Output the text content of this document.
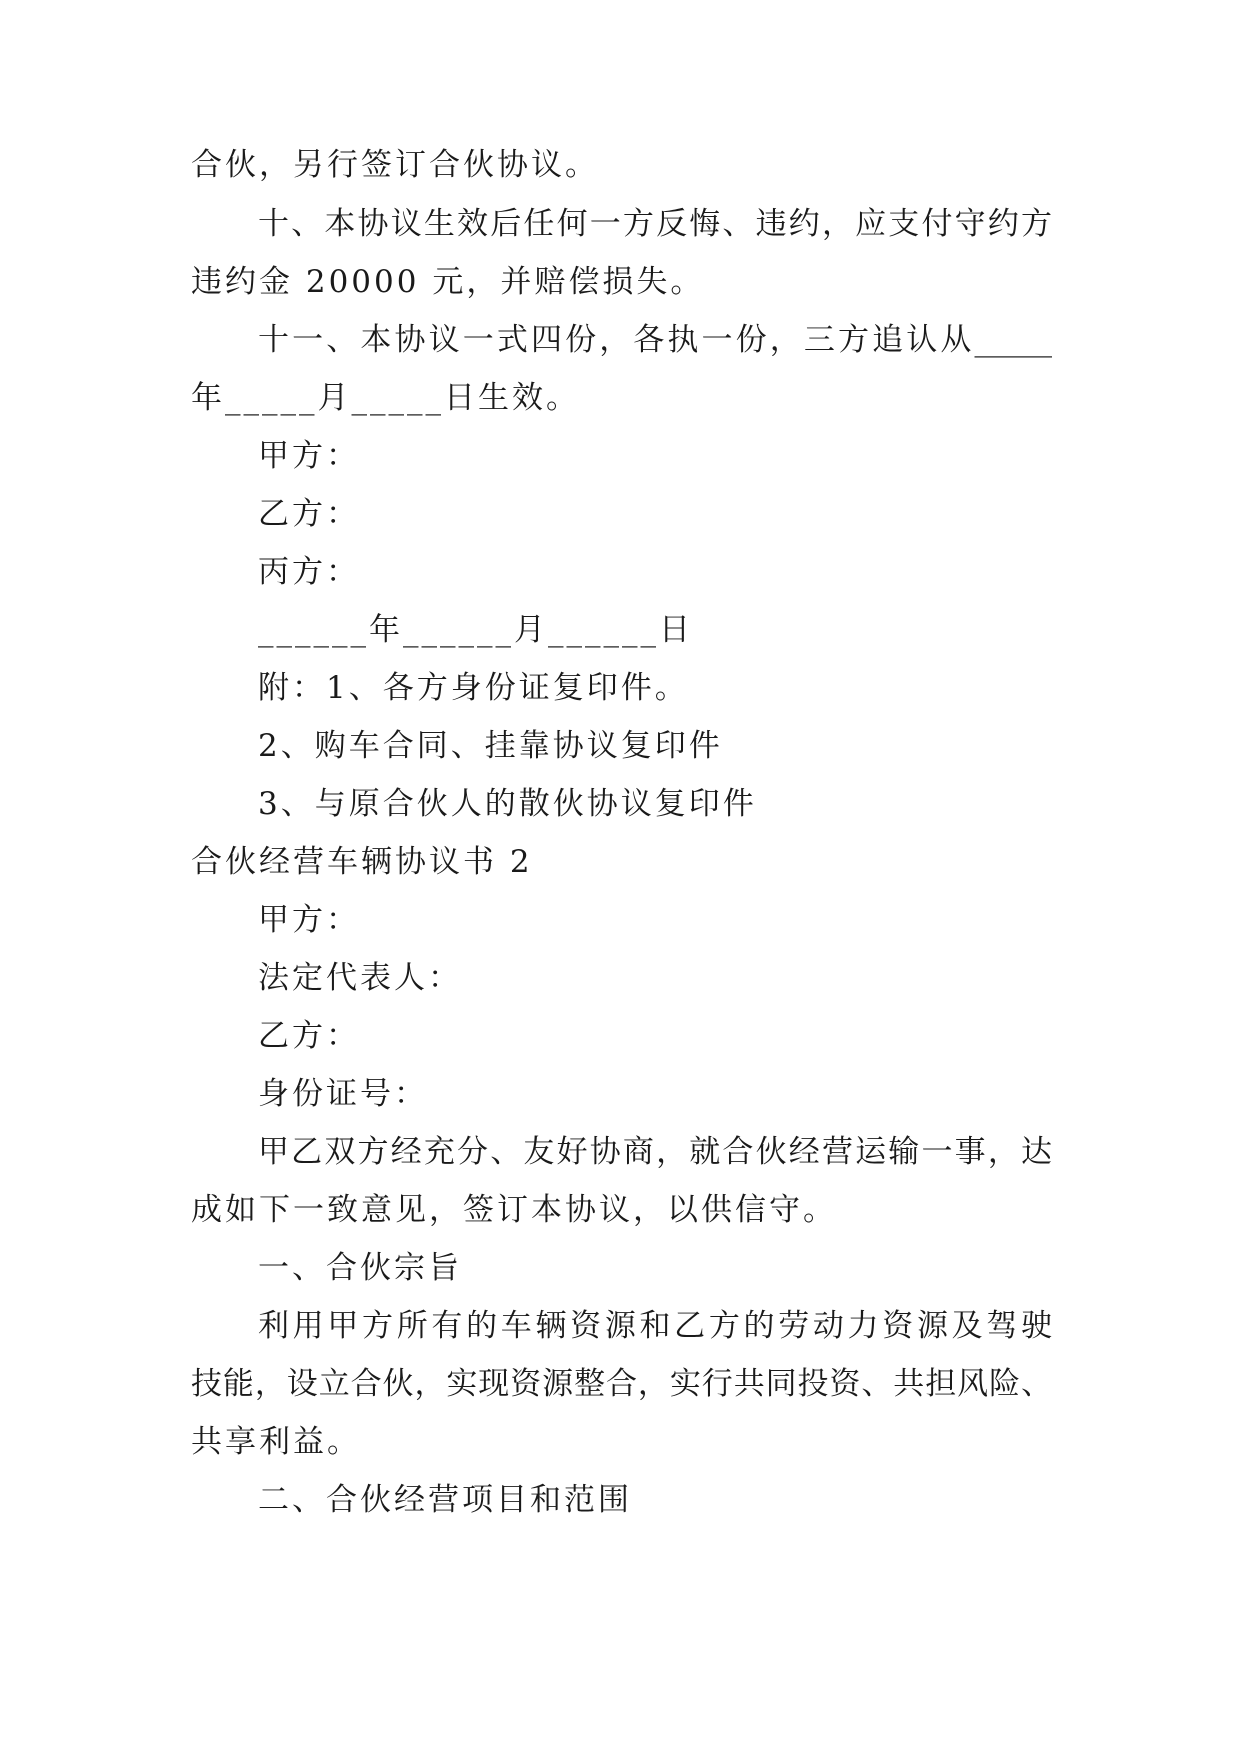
合伙，另行签订合伙协议。
十、本协议生效后任何一方反悔、违约，应支付守约方
违约金 20000 元，并赔偿损失。
十一、本协议一式四份，各执一份，三方追认从_____
年_____月_____日生效。
甲方：
乙方：
丙方：
______年______月______日
附：1、各方身份证复印件。
2、购车合同、挂靠协议复印件
3、与原合伙人的散伙协议复印件
合伙经营车辆协议书 2
甲方：
法定代表人：
乙方：
身份证号：
甲乙双方经充分、友好协商，就合伙经营运输一事，达
成如下一致意见，签订本协议，以供信守。
一、合伙宗旨
利用甲方所有的车辆资源和乙方的劳动力资源及驾驶
技能，设立合伙，实现资源整合，实行共同投资、共担风险、
共享利益。
二、合伙经营项目和范围
